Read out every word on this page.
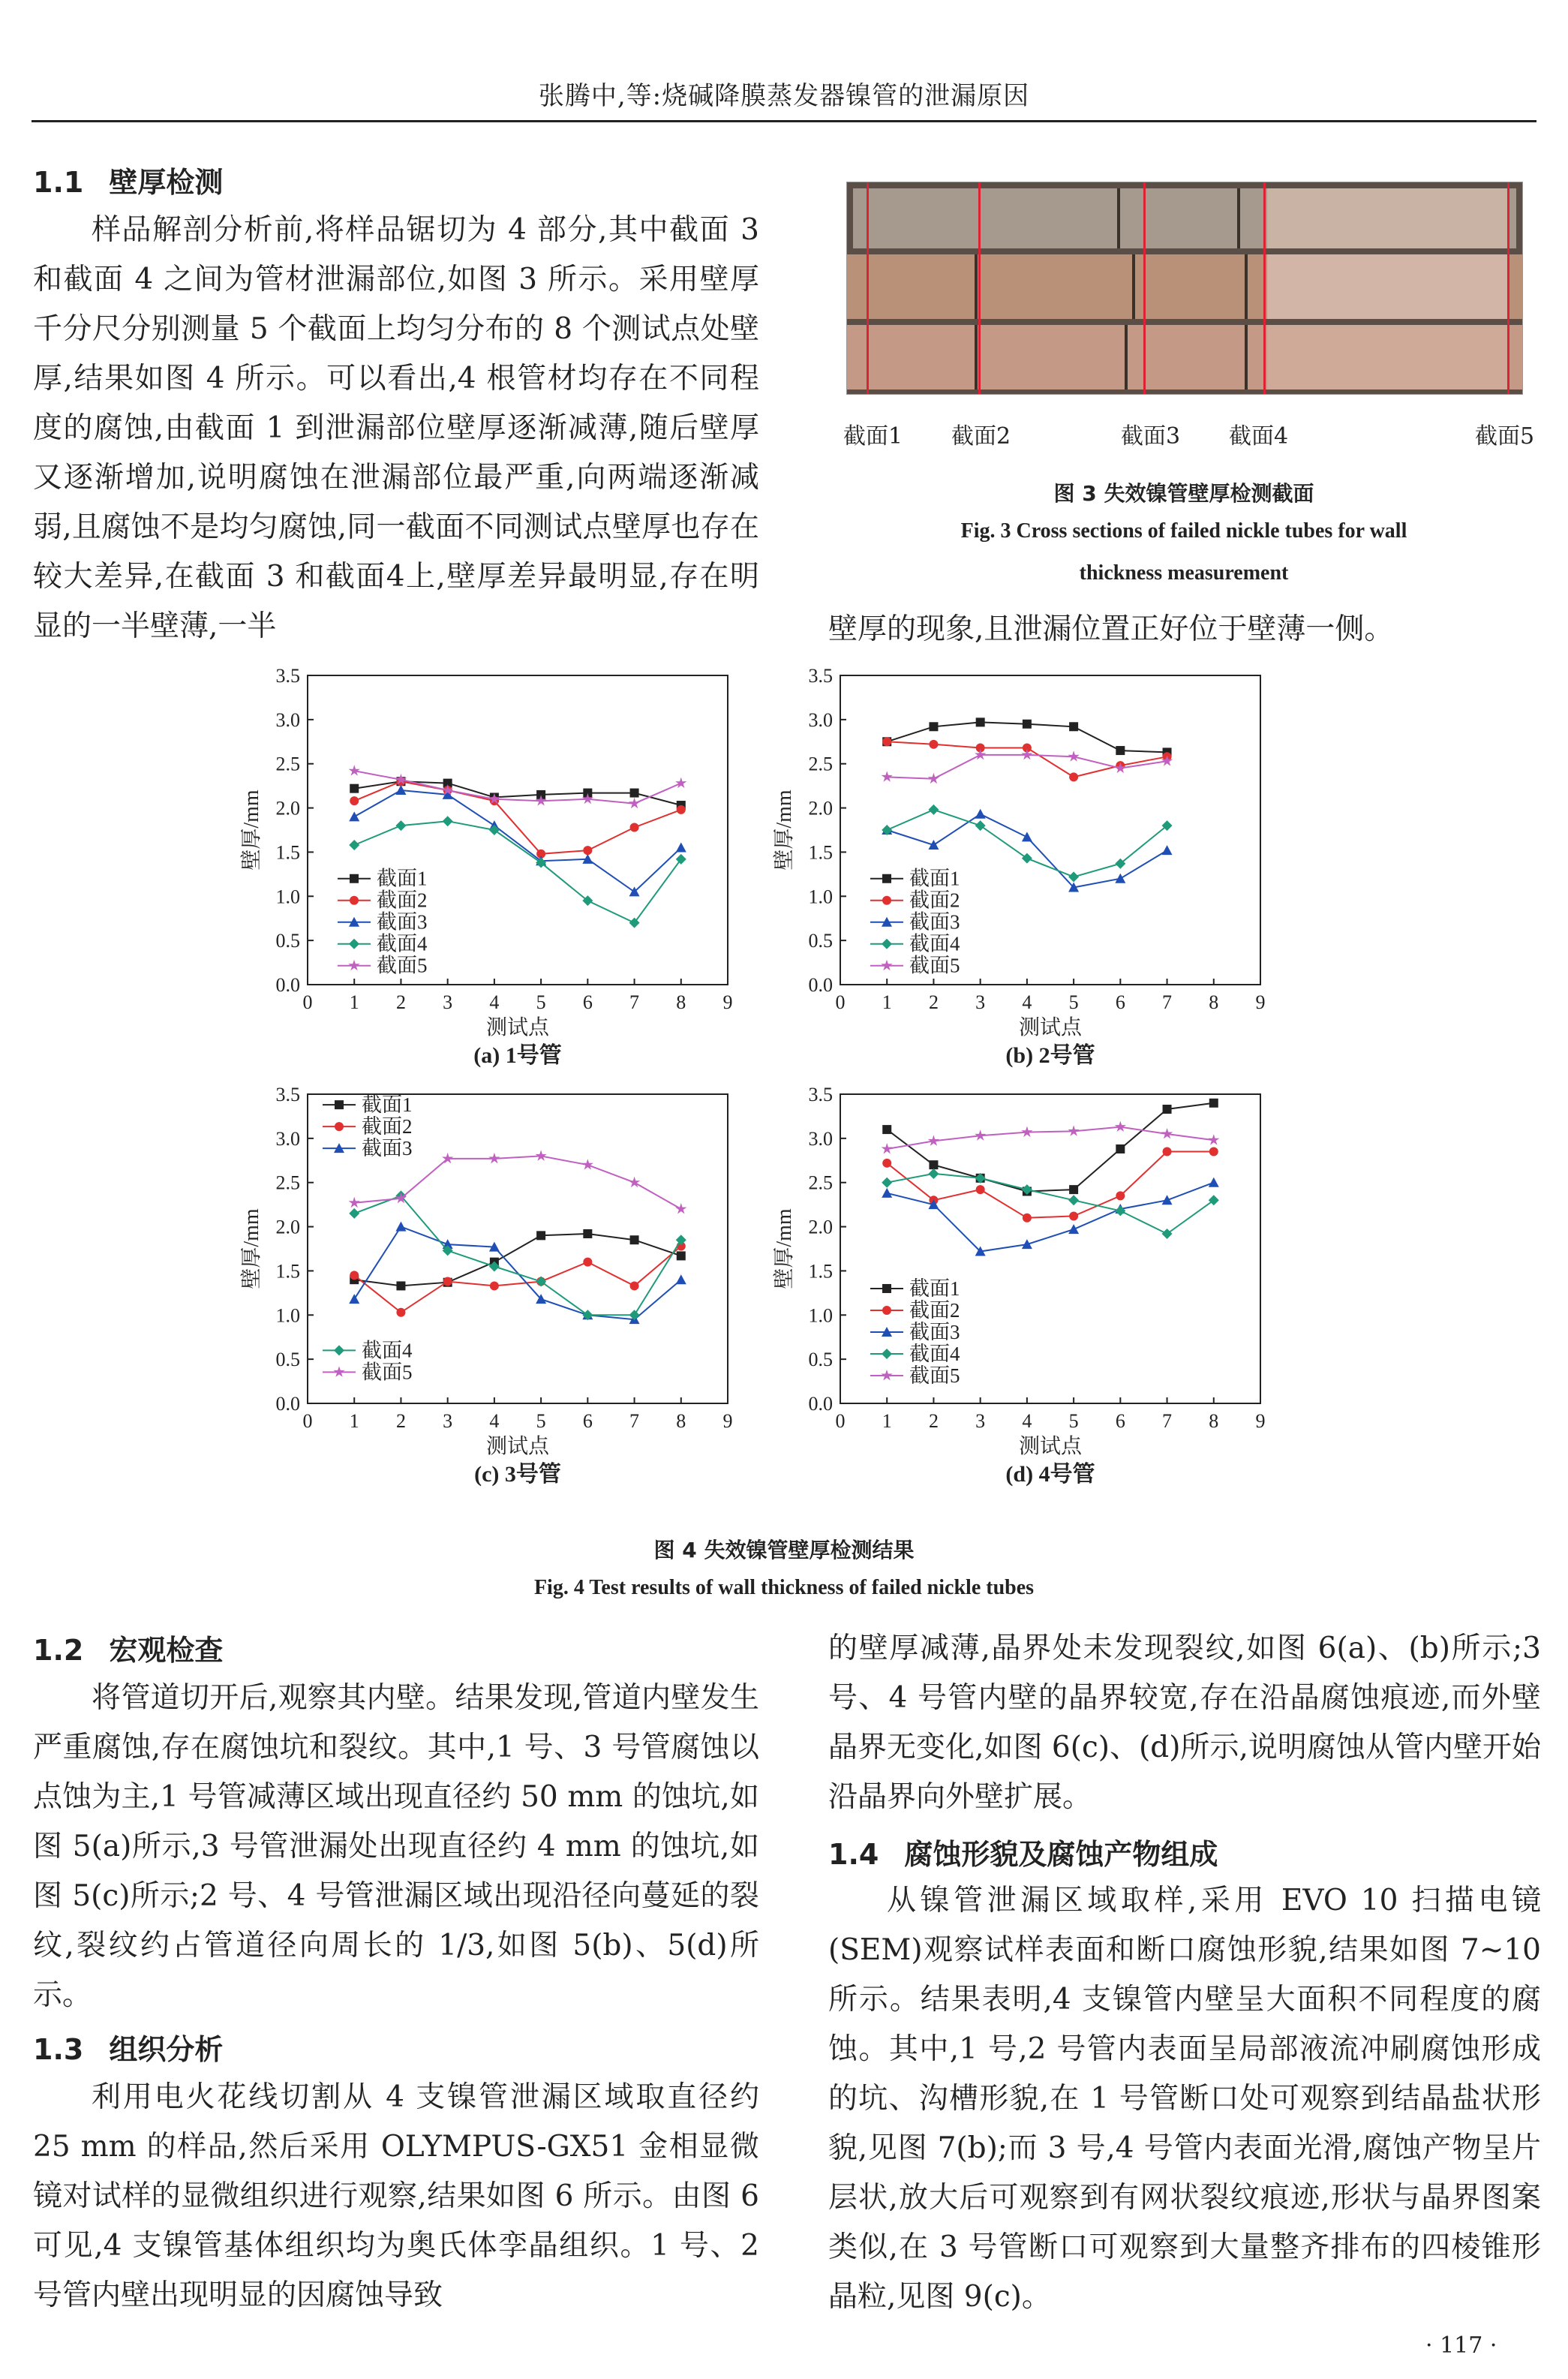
张腾中,等:烧碱降膜蒸发器镍管的泄漏原因
1.1 壁厚检测
样品解剖分析前,将样品锯切为 4 部分,其中截面 3 和截面 4 之间为管材泄漏部位,如图 3 所示。采用壁厚千分尺分别测量 5 个截面上均匀分布的 8 个测试点处壁厚,结果如图 4 所示。可以看出,4 根管材均存在不同程度的腐蚀,由截面 1 到泄漏部位壁厚逐渐减薄,随后壁厚又逐渐增加,说明腐蚀在泄漏部位最严重,向两端逐渐减弱,且腐蚀不是均匀腐蚀,同一截面不同测试点壁厚也存在较大差异,在截面 3 和截面4上,壁厚差异最明显,存在明显的一半壁薄,一半
截面1 截面2	截面3 截面4	截面5
图 3 失效镍管壁厚检测截面
Fig. 3 Cross sections of failed nickle tubes for wall
thickness measurement
壁厚的现象,且泄漏位置正好位于壁薄一侧。
0 1 2 3 4 5 6 7 8 9
0.0
0.5
1.0
1.5
2.0
2.5
3.0
3.5
测试点
壁厚/mm
(a) 1号管
截面1
截面2
截面3
截面4
截面5
0 1 2 3 4 5 6 7 8 9
0.0
0.5
1.0
1.5
2.0
2.5
3.0
3.5
测试点
壁厚/mm
(b) 2号管
截面1
截面2
截面3
截面4
截面5
0 1 2 3 4 5 6 7 8 9
0.0
0.5
1.0
1.5
2.0
2.5
3.0
3.5
测试点
壁厚/mm
(c) 3号管
截面1
截面2
截面3
截面4
截面5
0 1 2 3 4 5 6 7 8 9
0.0
0.5
1.0
1.5
2.0
2.5
3.0
3.5
测试点
壁厚/mm
(d) 4号管
截面1
截面2
截面3
截面4
截面5
图 4 失效镍管壁厚检测结果
Fig. 4 Test results of wall thickness of failed nickle tubes
1.2 宏观检查
将管道切开后,观察其内壁。结果发现,管道内壁发生严重腐蚀,存在腐蚀坑和裂纹。其中,1 号、3 号管腐蚀以点蚀为主,1 号管减薄区域出现直径约 50 mm 的蚀坑,如图 5(a)所示,3 号管泄漏处出现直径约 4 mm 的蚀坑,如图 5(c)所示;2 号、4 号管泄漏区域出现沿径向蔓延的裂纹,裂纹约占管道径向周长的 1/3,如图 5(b)、5(d)所示。
1.3 组织分析
利用电火花线切割从 4 支镍管泄漏区域取直径约 25 mm 的样品,然后采用 OLYMPUS-GX51 金相显微镜对试样的显微组织进行观察,结果如图 6 所示。由图 6 可见,4 支镍管基体组织均为奥氏体孪晶组织。1 号、2 号管内壁出现明显的因腐蚀导致
的壁厚减薄,晶界处未发现裂纹,如图 6(a)、(b)所示;3 号、4 号管内壁的晶界较宽,存在沿晶腐蚀痕迹,而外壁晶界无变化,如图 6(c)、(d)所示,说明腐蚀从管内壁开始沿晶界向外壁扩展。
1.4 腐蚀形貌及腐蚀产物组成
从镍管泄漏区域取样,采用 EVO 10 扫描电镜(SEM)观察试样表面和断口腐蚀形貌,结果如图 7~10 所示。结果表明,4 支镍管内壁呈大面积不同程度的腐蚀。其中,1 号,2 号管内表面呈局部液流冲刷腐蚀形成的坑、沟槽形貌,在 1 号管断口处可观察到结晶盐状形貌,见图 7(b);而 3 号,4 号管内表面光滑,腐蚀产物呈片层状,放大后可观察到有网状裂纹痕迹,形状与晶界图案类似,在 3 号管断口可观察到大量整齐排布的四棱锥形晶粒,见图 9(c)。
· 117 ·
